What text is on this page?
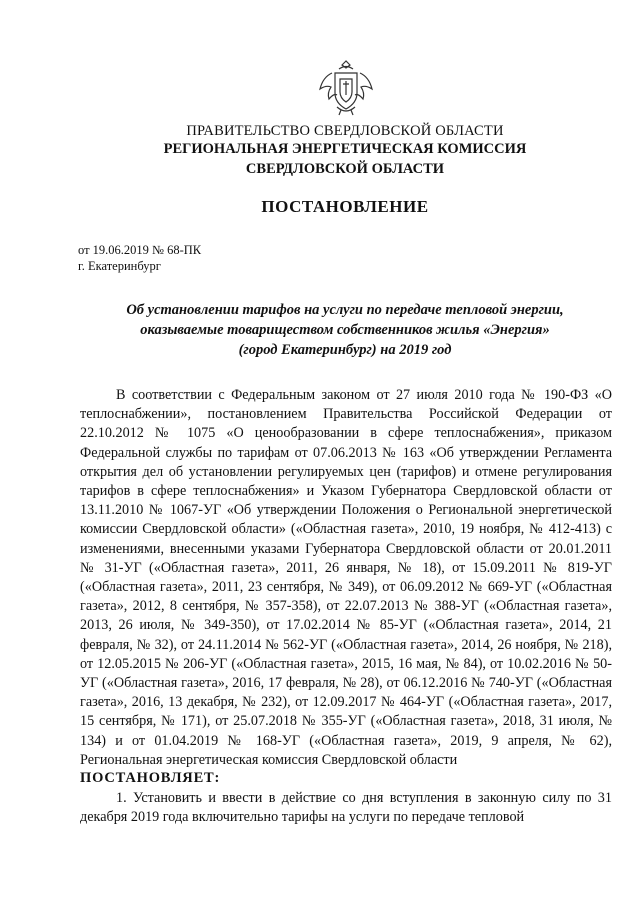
ПРАВИТЕЛЬСТВО СВЕРДЛОВСКОЙ ОБЛАСТИ
РЕГИОНАЛЬНАЯ ЭНЕРГЕТИЧЕСКАЯ КОМИССИЯ
СВЕРДЛОВСКОЙ ОБЛАСТИ
ПОСТАНОВЛЕНИЕ
от 19.06.2019 № 68-ПК
г. Екатеринбург
Об установлении тарифов на услуги по передаче тепловой энергии,
оказываемые товариществом собственников жилья «Энергия»
(город Екатеринбург) на 2019 год

В соответствии с Федеральным законом от 27 июля 2010 года № 190-ФЗ «О теплоснабжении», постановлением Правительства Российской Федерации от 22.10.2012 № 1075 «О ценообразовании в сфере теплоснабжения», приказом Федеральной службы по тарифам от 07.06.2013 № 163 «Об утверждении Регламента открытия дел об установлении регулируемых цен (тарифов) и отмене регулирования тарифов в сфере теплоснабжения» и Указом Губернатора Свердловской области от 13.11.2010 № 1067-УГ «Об утверждении Положения о Региональной энергетической комиссии Свердловской области» («Областная газета», 2010, 19 ноября, № 412-413) с изменениями, внесенными указами Губернатора Свердловской области от 20.01.2011 № 31-УГ («Областная газета», 2011, 26 января, № 18), от 15.09.2011 № 819-УГ («Областная газета», 2011, 23 сентября, № 349), от 06.09.2012 № 669-УГ («Областная газета», 2012, 8 сентября, № 357-358), от 22.07.2013 № 388-УГ («Областная газета», 2013, 26 июля, № 349-350), от 17.02.2014 № 85-УГ («Областная газета», 2014, 21 февраля, № 32), от 24.11.2014 № 562-УГ («Областная газета», 2014, 26 ноября, № 218), от 12.05.2015 № 206-УГ («Областная газета», 2015, 16 мая, № 84), от 10.02.2016 № 50-УГ («Областная газета», 2016, 17 февраля, № 28), от 06.12.2016 № 740-УГ («Областная газета», 2016, 13 декабря, № 232), от 12.09.2017 № 464-УГ («Областная газета», 2017, 15 сентября, № 171), от 25.07.2018 № 355-УГ («Областная газета», 2018, 31 июля, № 134) и от 01.04.2019 № 168-УГ («Областная газета», 2019, 9 апреля, № 62), Региональная энергетическая комиссия Свердловской области

ПОСТАНОВЛЯЕТ:

1. Установить и ввести в действие со дня вступления в законную силу по 31 декабря 2019 года включительно тарифы на услуги по передаче тепловой
